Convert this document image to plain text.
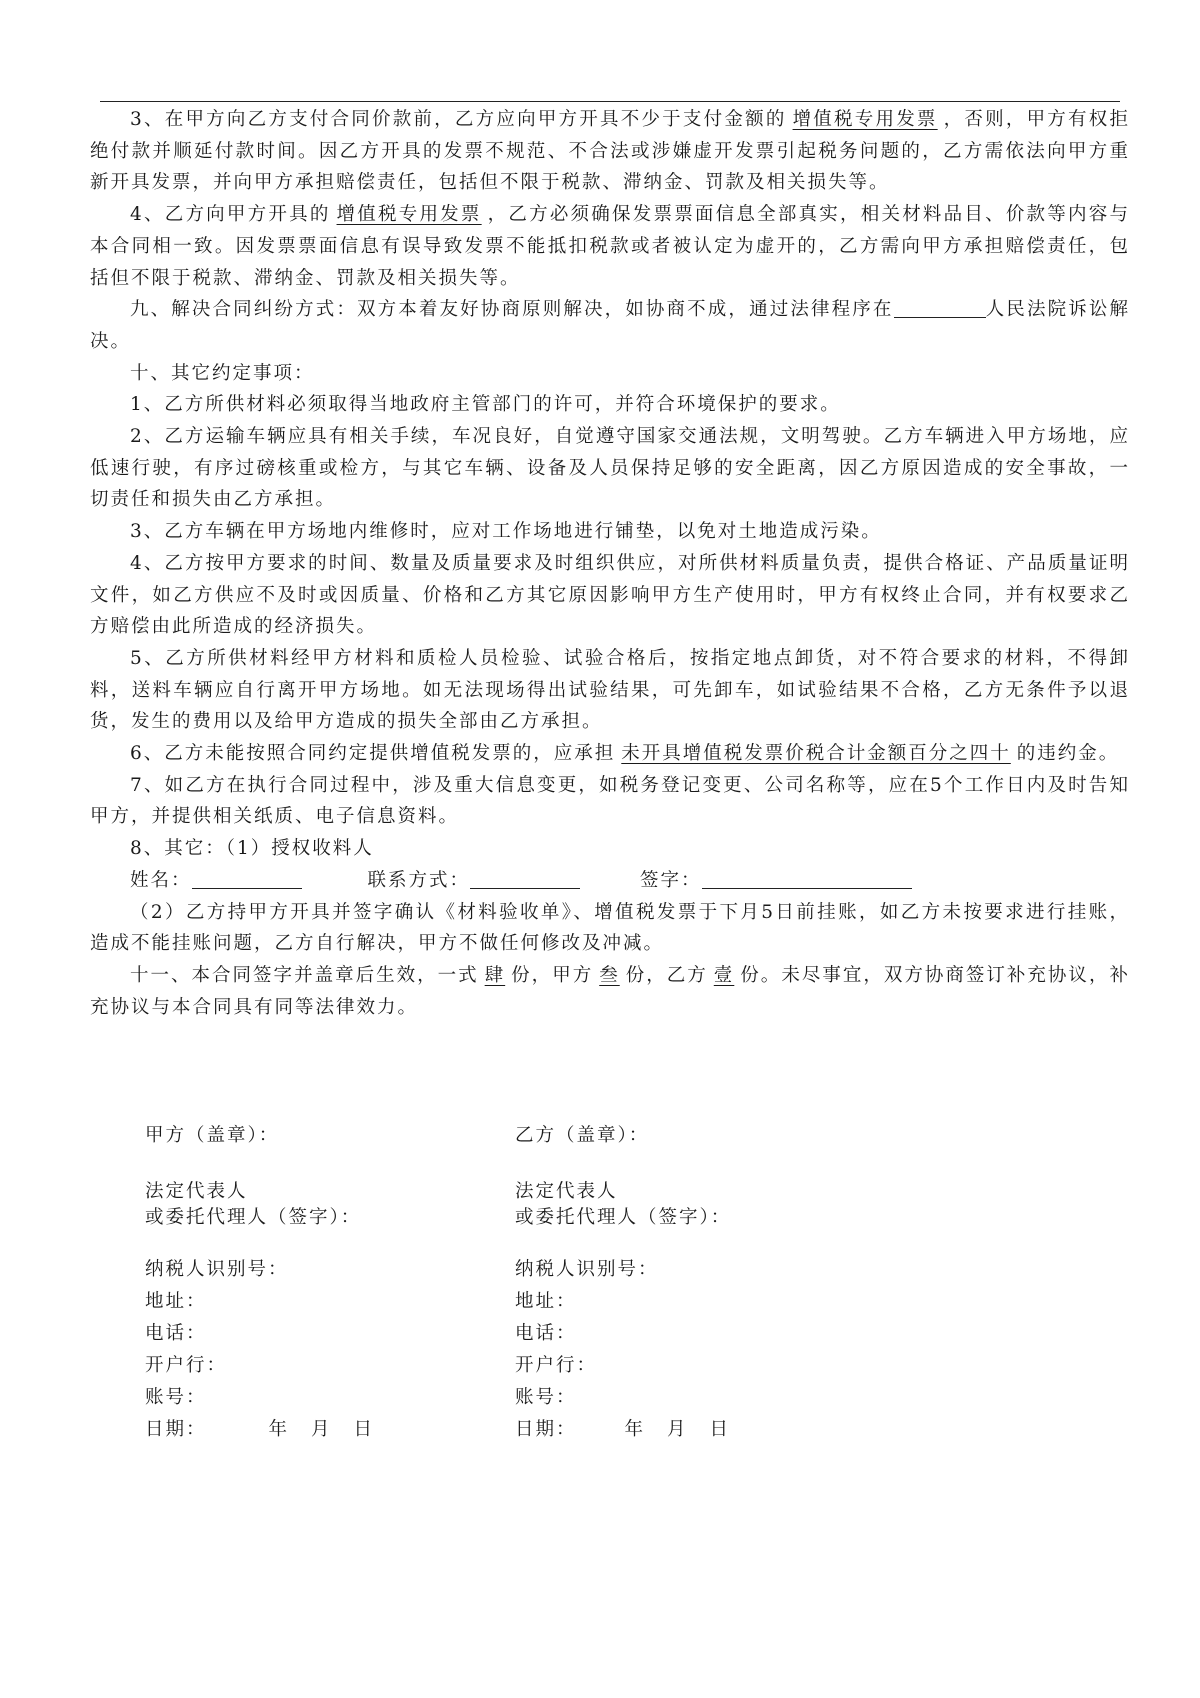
3、在甲方向乙方支付合同价款前，乙方应向甲方开具不少于支付金额的 增值税专用发票 ，否则，甲方有权拒绝付款并顺延付款时间。因乙方开具的发票不规范、不合法或涉嫌虚开发票引起税务问题的，乙方需依法向甲方重新开具发票，并向甲方承担赔偿责任，包括但不限于税款、滞纳金、罚款及相关损失等。

4、乙方向甲方开具的 增值税专用发票 ，乙方必须确保发票票面信息全部真实，相关材料品目、价款等内容与本合同相一致。因发票票面信息有误导致发票不能抵扣税款或者被认定为虚开的，乙方需向甲方承担赔偿责任，包括但不限于税款、滞纳金、罚款及相关损失等。

九、解决合同纠纷方式：双方本着友好协商原则解决，如协商不成，通过法律程序在	人民法院诉讼解决。

十、其它约定事项：

1、乙方所供材料必须取得当地政府主管部门的许可，并符合环境保护的要求。

2、乙方运输车辆应具有相关手续，车况良好，自觉遵守国家交通法规，文明驾驶。乙方车辆进入甲方场地，应低速行驶，有序过磅核重或检方，与其它车辆、设备及人员保持足够的安全距离，因乙方原因造成的安全事故，一切责任和损失由乙方承担。

3、乙方车辆在甲方场地内维修时，应对工作场地进行铺垫，以免对土地造成污染。

4、乙方按甲方要求的时间、数量及质量要求及时组织供应，对所供材料质量负责，提供合格证、产品质量证明文件，如乙方供应不及时或因质量、价格和乙方其它原因影响甲方生产使用时，甲方有权终止合同，并有权要求乙方赔偿由此所造成的经济损失。

5、乙方所供材料经甲方材料和质检人员检验、试验合格后，按指定地点卸货，对不符合要求的材料，不得卸料，送料车辆应自行离开甲方场地。如无法现场得出试验结果，可先卸车，如试验结果不合格，乙方无条件予以退货，发生的费用以及给甲方造成的损失全部由乙方承担。

6、乙方未能按照合同约定提供增值税发票的，应承担 未开具增值税发票价税合计金额百分之四十 的违约金。

7、如乙方在执行合同过程中，涉及重大信息变更，如税务登记变更、公司名称等，应在5个工作日内及时告知甲方，并提供相关纸质、电子信息资料。

8、其它：（1）授权收料人

姓名：	联系方式：	签字：

（2）乙方持甲方开具并签字确认《材料验收单》、增值税发票于下月5日前挂账，如乙方未按要求进行挂账，造成不能挂账问题，乙方自行解决，甲方不做任何修改及冲减。

十一、本合同签字并盖章后生效，一式 肆 份，甲方 叁 份，乙方 壹 份。未尽事宜，双方协商签订补充协议，补充协议与本合同具有同等法律效力。

甲方（盖章）：
法定代表人
或委托代理人（签字）：
纳税人识别号：
地址：
电话：
开户行：
账号：
日期：	年 月 日
乙方（盖章）：
法定代表人
或委托代理人（签字）：
纳税人识别号：
地址：
电话：
开户行：
账号：
日期：	年 月 日
